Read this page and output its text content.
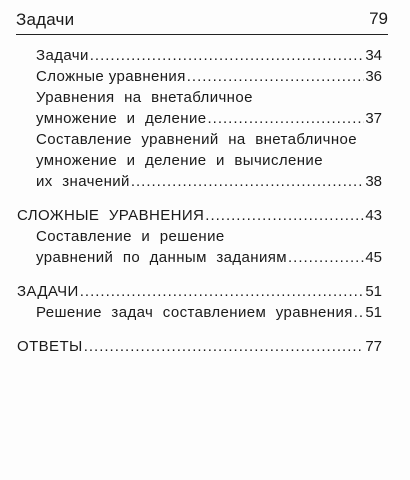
Задачи	79
Задачи .....	34
Сложные уравнения .....	36
Уравнения на внетабличное
умножение и деление .....	37
Составление уравнений на внетабличное
умножение и деление и вычисление
их значений .....	38
СЛОЖНЫЕ УРАВНЕНИЯ .....	43
Составление и решение
уравнений по данным заданиям .....	45
ЗАДАЧИ .....	51
Решение задач составлением уравнения ..... 51
ОТВЕТЫ .....	77
